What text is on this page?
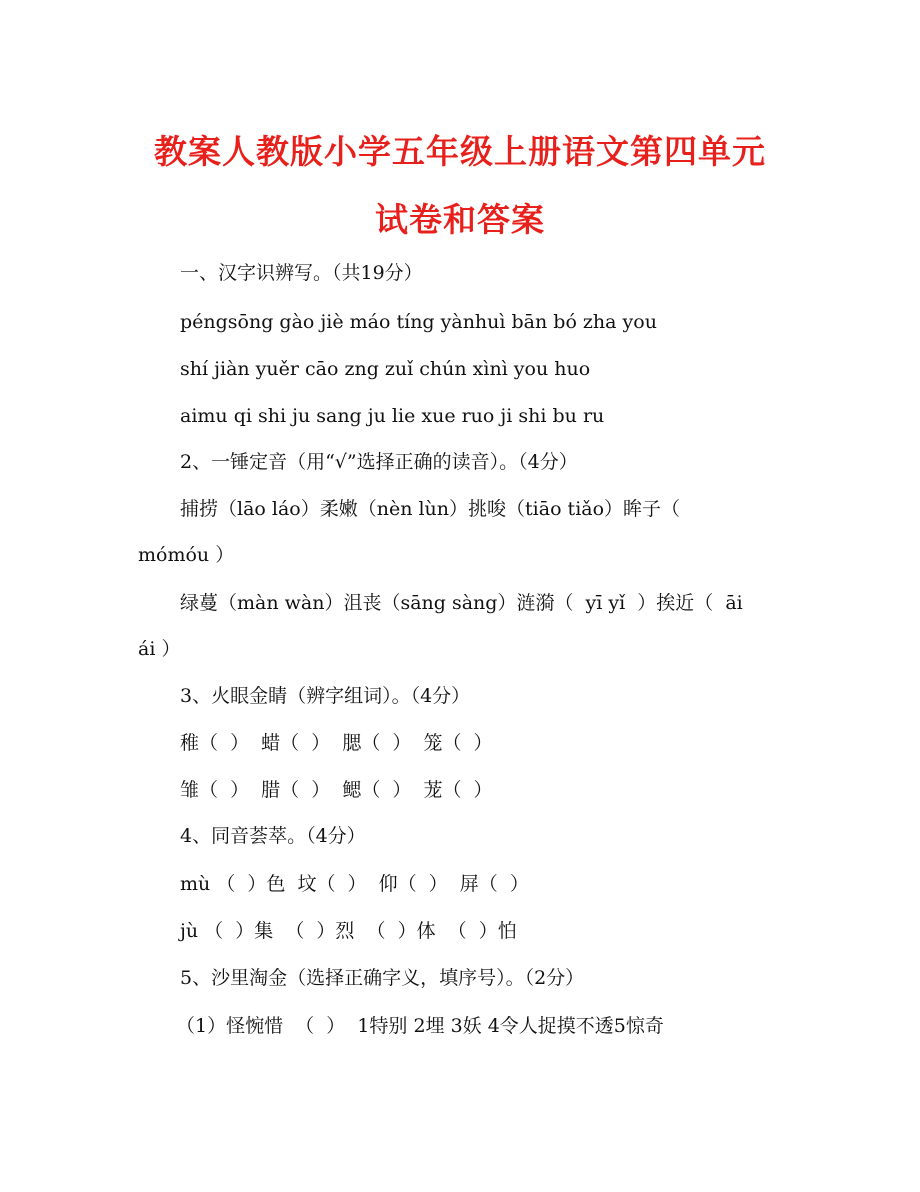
教案人教版小学五年级上册语文第四单元
试卷和答案

一、汉字识辨写。（共19分）

péngsōng gào jiè máo tíng yànhuì bān bó zha you

shí jiàn yuěr cāo zng zuǐ chún xìnì you huo

aimu qi shi ju sang ju lie xue ruo ji shi bu ru

2、一锤定音（用“√”选择正确的读音）。（4分）

捕捞（lāo láo）柔嫩（nèn lùn）挑唆（tiāo tiǎo）眸子（

mómóu ）

绿蔓（màn wàn）沮丧（sāng sàng）涟漪（  yī yǐ  ）挨近（  āi

ái ）

3、火眼金睛（辨字组词）。（4分）

稚（  ）  蜡（  ）  腮（  ）  笼（  ）

雏（  ）  腊（  ）  鳃（  ）  茏（  ）

4、同音荟萃。（4分）

mù （  ）色  坟（  ）  仰（  ）  屏（  ）

jù （  ）集  （  ）烈  （  ）体  （  ）怕

5、沙里淘金（选择正确字义，填序号）。（2分）

（1）怪惋惜  （  ）  1特别 2埋 3妖 4令人捉摸不透5惊奇
